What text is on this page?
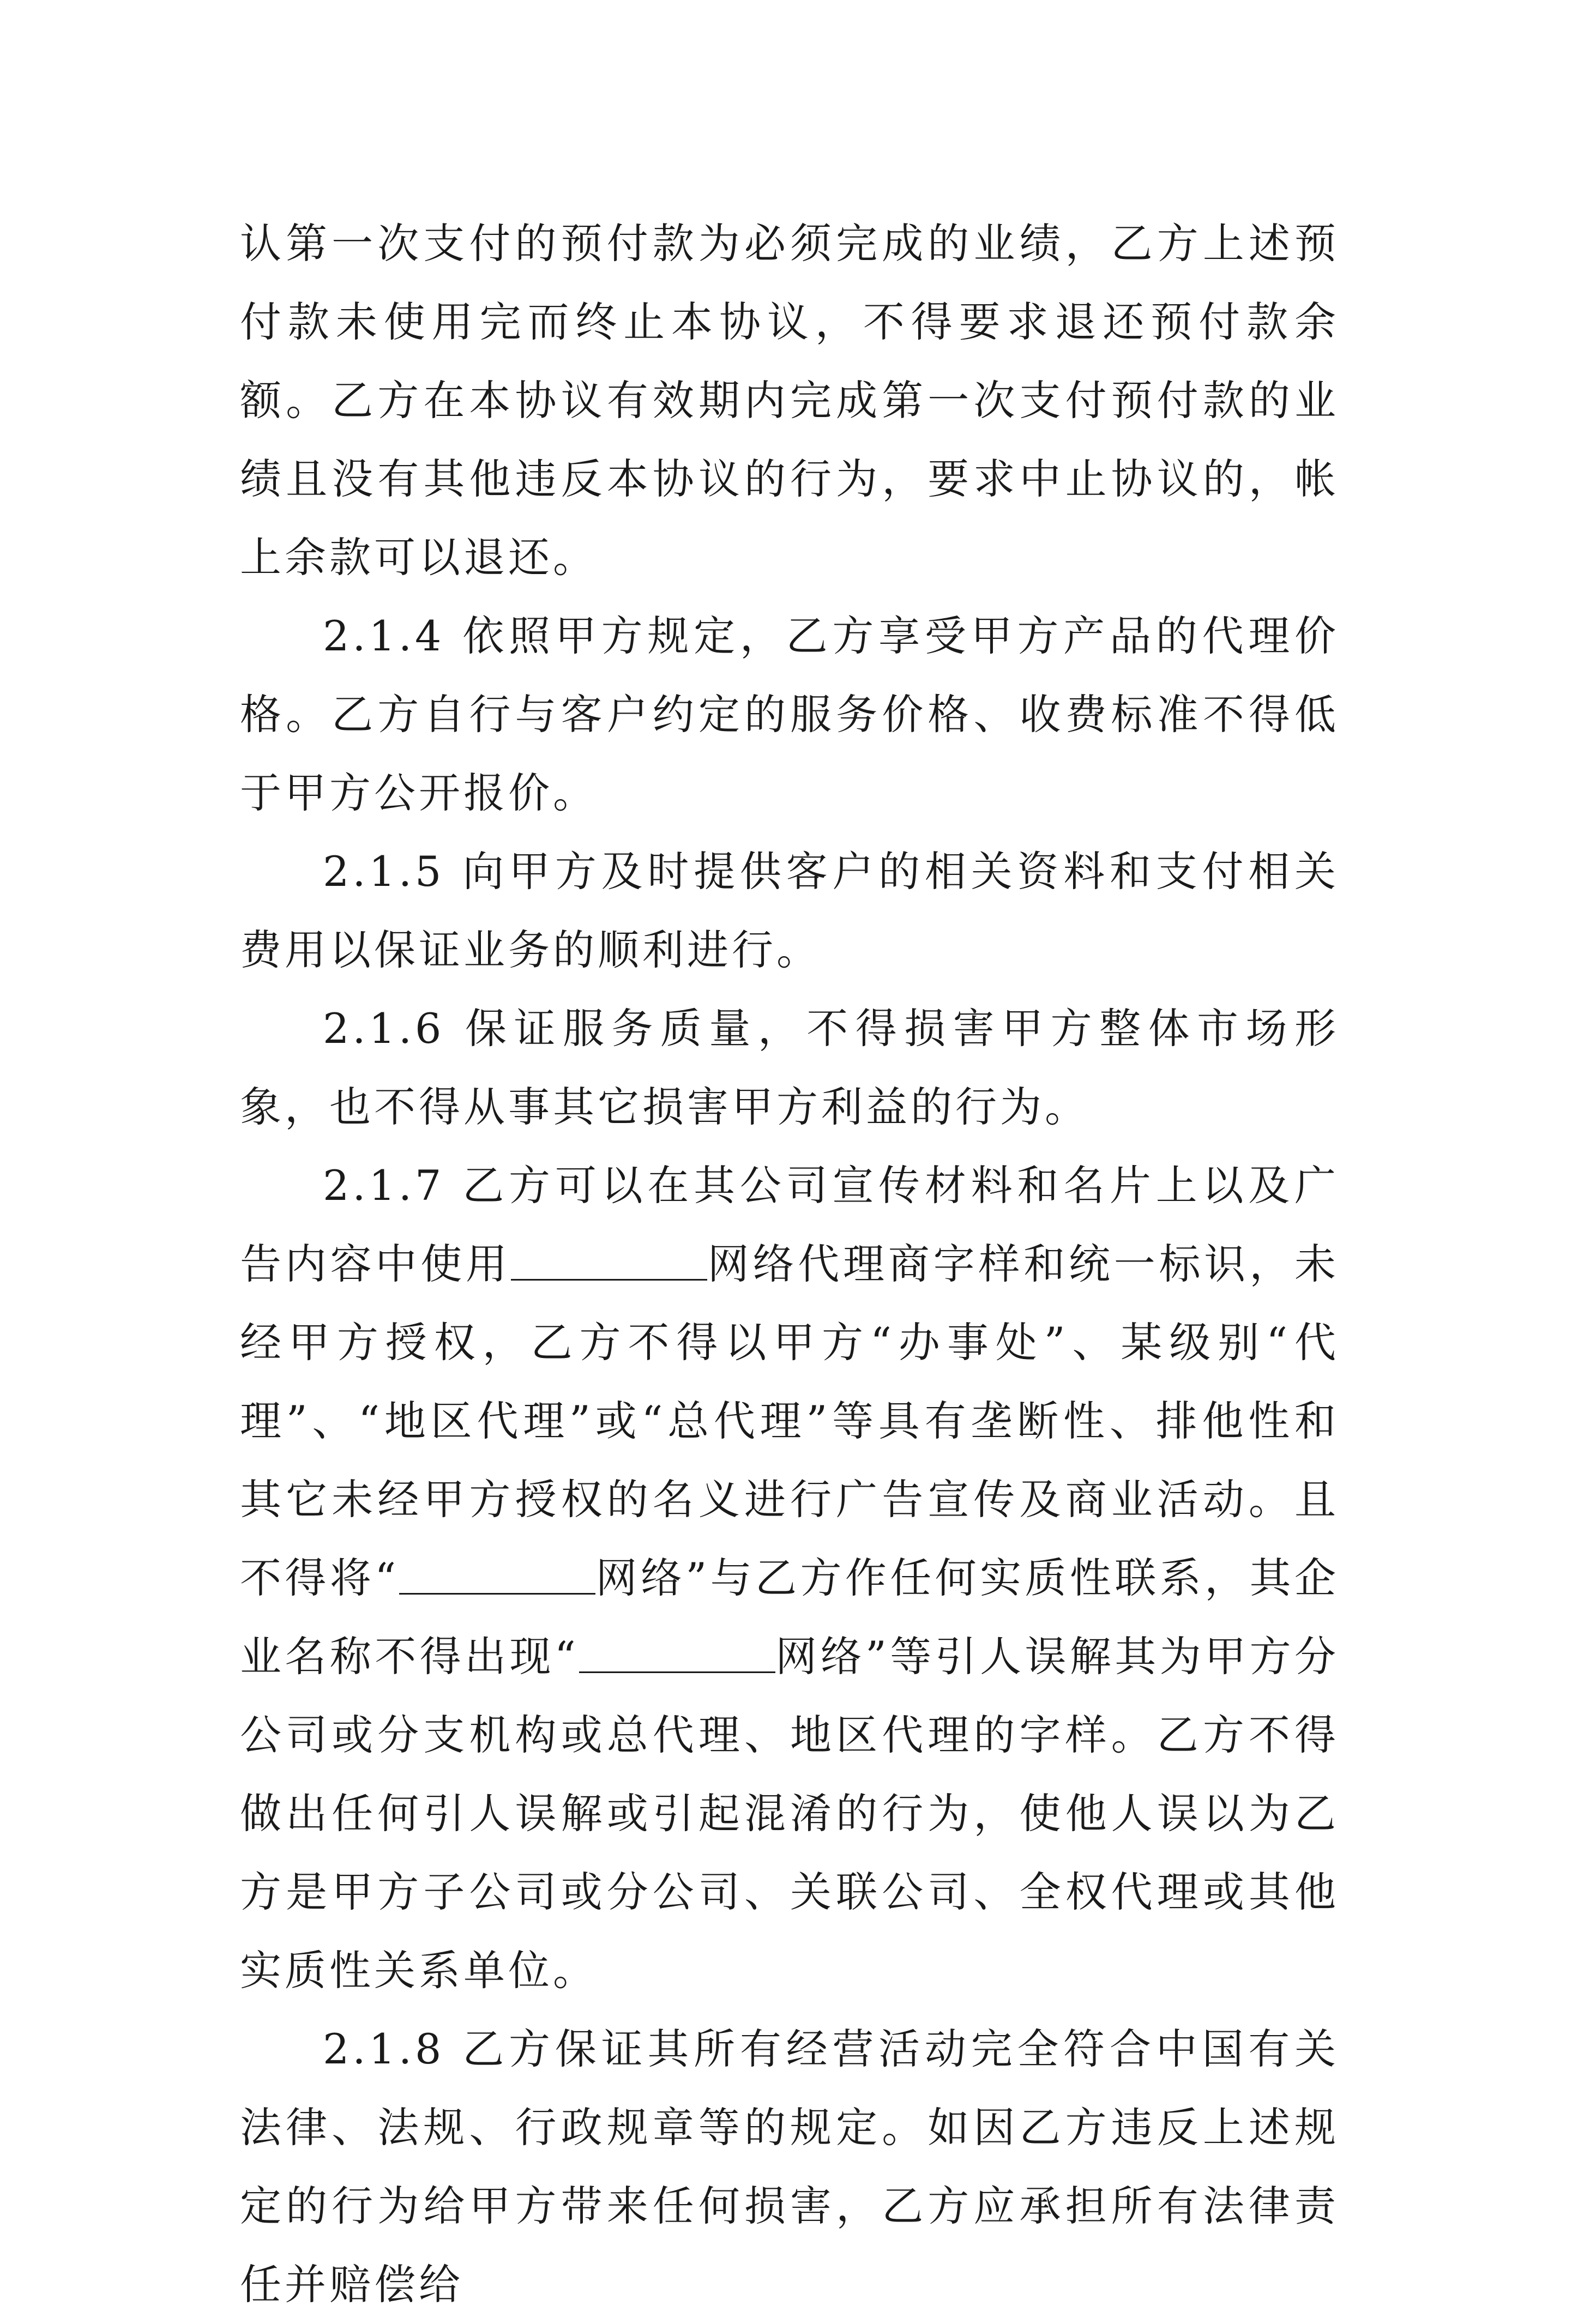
认第一次支付的预付款为必须完成的业绩，乙方上述预付款未使用完而终止本协议，不得要求退还预付款余额。乙方在本协议有效期内完成第一次支付预付款的业绩且没有其他违反本协议的行为，要求中止协议的，帐上余款可以退还。

2.1.4 依照甲方规定，乙方享受甲方产品的代理价格。乙方自行与客户约定的服务价格、收费标准不得低于甲方公开报价。

2.1.5 向甲方及时提供客户的相关资料和支付相关费用以保证业务的顺利进行。

2.1.6 保证服务质量，不得损害甲方整体市场形象，也不得从事其它损害甲方利益的行为。

2.1.7 乙方可以在其公司宣传材料和名片上以及广告内容中使用	网络代理商字样和统一标识，未经甲方授权，乙方不得以甲方“办事处”、某级别“代理”、“地区代理”或“总代理”等具有垄断性、排他性和其它未经甲方授权的名义进行广告宣传及商业活动。且不得将“	网络”与乙方作任何实质性联系，其企业名称不得出现“	网络”等引人误解其为甲方分公司或分支机构或总代理、地区代理的字样。乙方不得做出任何引人误解或引起混淆的行为，使他人误以为乙方是甲方子公司或分公司、关联公司、全权代理或其他实质性关系单位。

2.1.8 乙方保证其所有经营活动完全符合中国有关法律、法规、行政规章等的规定。如因乙方违反上述规定的行为给甲方带来任何损害，乙方应承担所有法律责任并赔偿给
